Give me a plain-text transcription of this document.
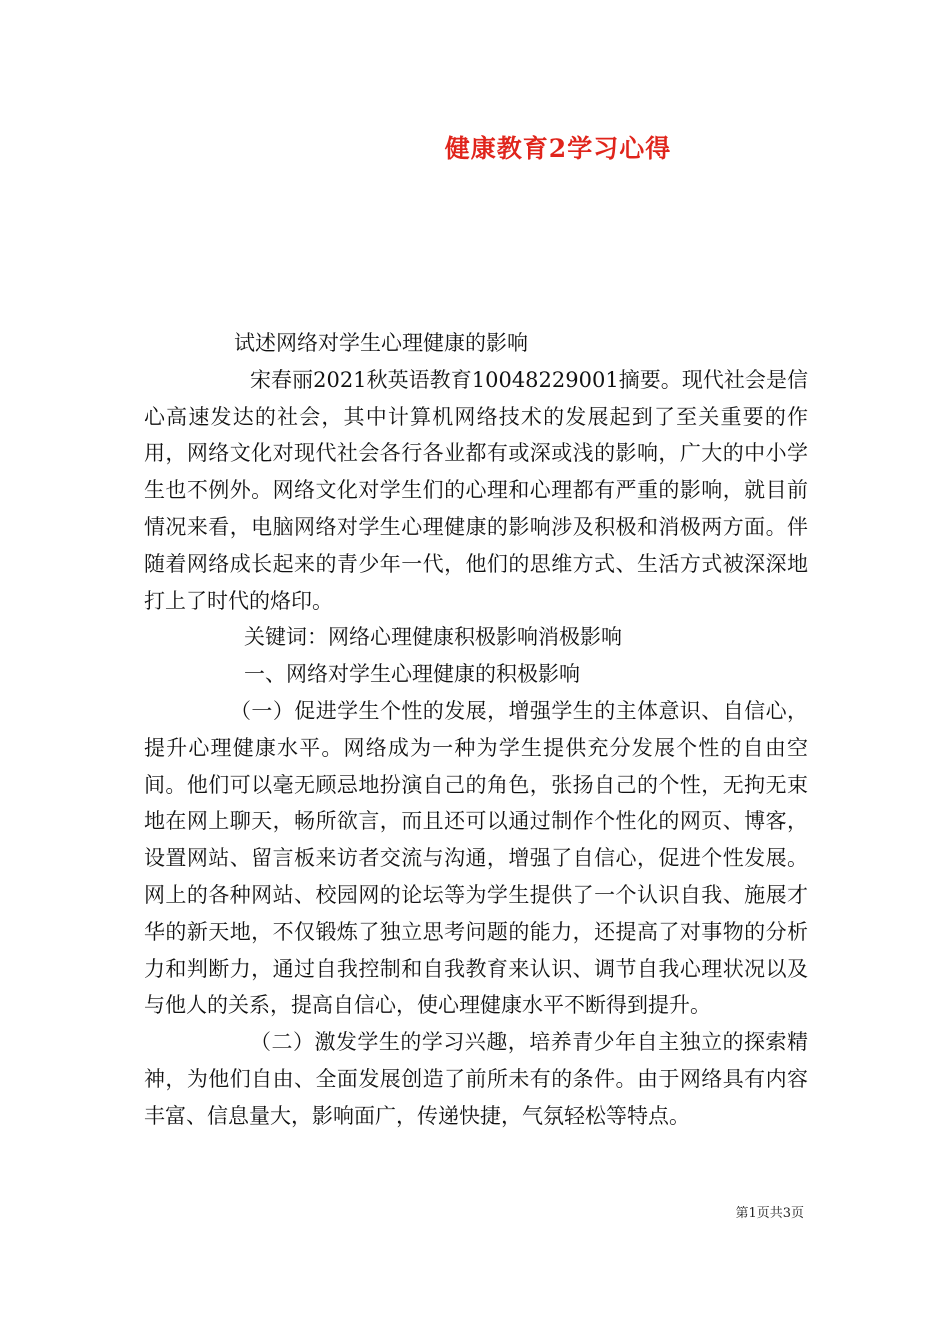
健康教育2学习心得

试述网络对学生心理健康的影响

宋春丽2021秋英语教育10048229001摘要。现代社会是信心高速发达的社会，其中计算机网络技术的发展起到了至关重要的作用，网络文化对现代社会各行各业都有或深或浅的影响，广大的中小学生也不例外。网络文化对学生们的心理和心理都有严重的影响，就目前情况来看，电脑网络对学生心理健康的影响涉及积极和消极两方面。伴随着网络成长起来的青少年一代，他们的思维方式、生活方式被深深地打上了时代的烙印。

关键词：网络心理健康积极影响消极影响

一、网络对学生心理健康的积极影响

（一）促进学生个性的发展，增强学生的主体意识、自信心，提升心理健康水平。网络成为一种为学生提供充分发展个性的自由空间。他们可以毫无顾忌地扮演自己的角色，张扬自己的个性，无拘无束地在网上聊天，畅所欲言，而且还可以通过制作个性化的网页、博客，设置网站、留言板来访者交流与沟通，增强了自信心，促进个性发展。网上的各种网站、校园网的论坛等为学生提供了一个认识自我、施展才华的新天地，不仅锻炼了独立思考问题的能力，还提高了对事物的分析力和判断力，通过自我控制和自我教育来认识、调节自我心理状况以及与他人的关系，提高自信心，使心理健康水平不断得到提升。

（二）激发学生的学习兴趣，培养青少年自主独立的探索精神，为他们自由、全面发展创造了前所未有的条件。由于网络具有内容丰富、信息量大，影响面广，传递快捷，气氛轻松等特点。

第1页共3页
